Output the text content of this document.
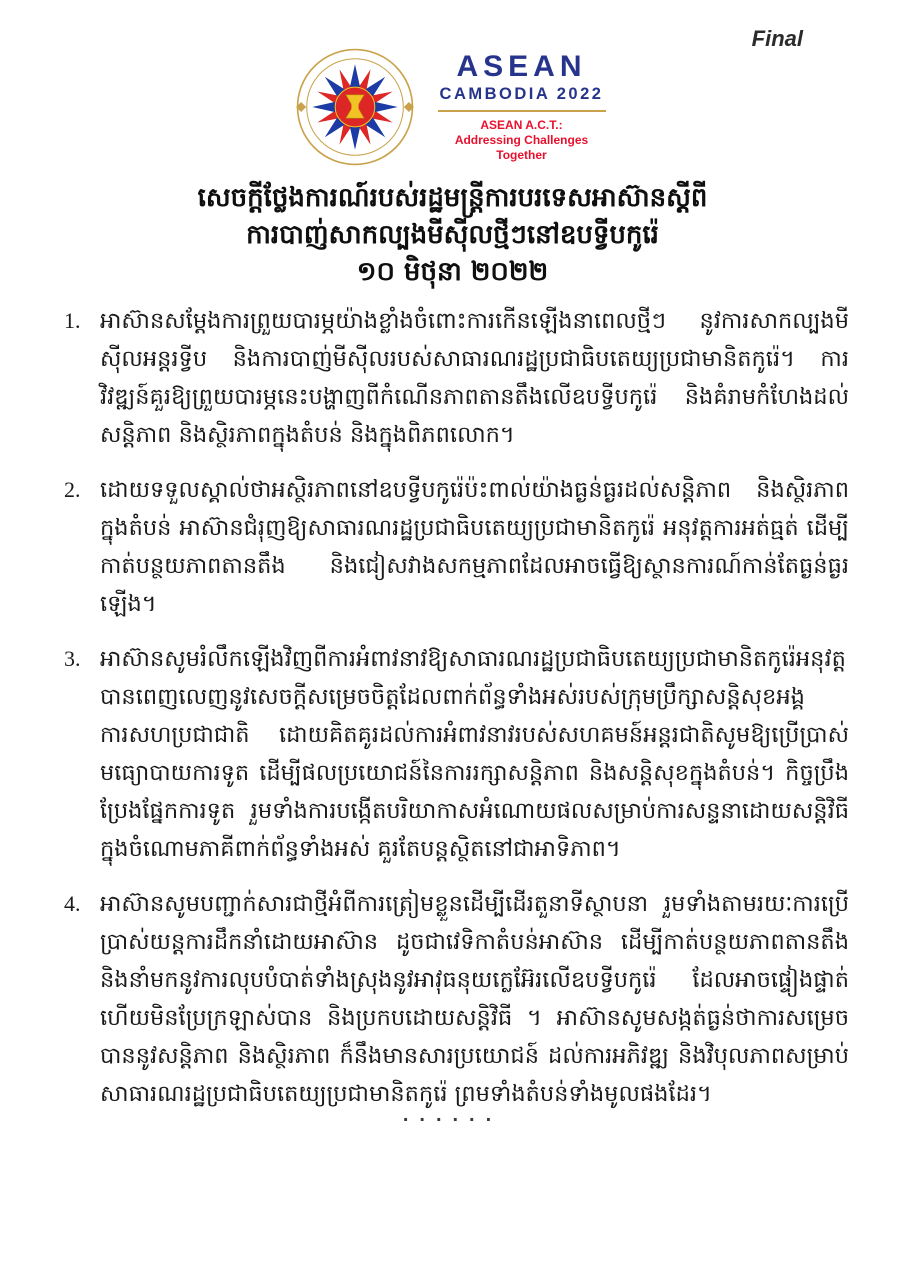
Final
ASEAN
CAMBODIA 2022
ASEAN A.C.T.:
Addressing Challenges Together
សេចក្តីថ្លែងការណ៍របស់រដ្ឋមន្ត្រីការបរទេសអាស៊ានស្តីពី
ការបាញ់សាកល្បងមីស៊ីលថ្មីៗនៅឧបទ្វីបកូរ៉េ
១០ មិថុនា ២០២២
1. អាស៊ានសម្តែងការព្រួយបារម្ភយ៉ាងខ្លាំងចំពោះការកើនឡើងនាពេលថ្មីៗ នូវការសាកល្បងមីស៊ីលអន្តរទ្វីប និងការបាញ់មីស៊ីលរបស់សាធារណរដ្ឋប្រជាធិបតេយ្យប្រជាមានិតកូរ៉េ។ ការវិវឌ្ឍន៍គួរឱ្យព្រួយបារម្ភនេះបង្ហាញពីកំណើនភាពតានតឹងលើឧបទ្វីបកូរ៉េ និងគំរាមកំហែងដល់សន្តិភាព និងស្ថិរភាពក្នុងតំបន់ និងក្នុងពិភពលោក។
2. ដោយទទួលស្គាល់ថាអស្ថិរភាពនៅឧបទ្វីបកូរ៉េប៉ះពាល់យ៉ាងធ្ងន់ធ្ងរដល់សន្តិភាព និងស្ថិរភាពក្នុងតំបន់ អាស៊ានជំរុញឱ្យសាធារណរដ្ឋប្រជាធិបតេយ្យប្រជាមានិតកូរ៉េ អនុវត្តការអត់ធ្មត់ ដើម្បីកាត់បន្ថយភាពតានតឹង និងជៀសវាងសកម្មភាពដែលអាចធ្វើឱ្យស្ថានការណ៍កាន់តែធ្ងន់ធ្ងរឡើង។
3. អាស៊ានសូមរំលឹកឡើងវិញពីការអំពាវនាវឱ្យសាធារណរដ្ឋប្រជាធិបតេយ្យប្រជាមានិតកូរ៉េអនុវត្ត បានពេញលេញនូវសេចក្តីសម្រេចចិត្តដែលពាក់ព័ន្ធទាំងអស់របស់ក្រុមប្រឹក្សាសន្តិសុខអង្គការសហប្រជាជាតិ ដោយគិតគូរដល់ការអំពាវនាវរបស់សហគមន៍អន្តរជាតិសូមឱ្យប្រើប្រាស់មធ្យោបាយការទូត ដើម្បីផលប្រយោជន៍នៃការរក្សាសន្តិភាព និងសន្តិសុខក្នុងតំបន់។ កិច្ចប្រឹងប្រែងផ្នែកការទូត រួមទាំងការបង្កើតបរិយាកាសអំណោយផលសម្រាប់ការសន្ទនាដោយសន្តិវិធីក្នុងចំណោមភាគីពាក់ព័ន្ធទាំងអស់ គួរតែបន្តស្ថិតនៅជាអាទិភាព។
4. អាស៊ានសូមបញ្ជាក់សារជាថ្មីអំពីការត្រៀមខ្លួនដើម្បីដើរតួនាទីស្ថាបនា រួមទាំងតាមរយៈការប្រើប្រាស់យន្តការដឹកនាំដោយអាស៊ាន ដូចជាវេទិកាតំបន់អាស៊ាន ដើម្បីកាត់បន្ថយភាពតានតឹង និងនាំមកនូវការលុបបំបាត់ទាំងស្រុងនូវអាវុធនុយក្លេអ៊ែរលើឧបទ្វីបកូរ៉េ ដែលអាចផ្ទៀងផ្ទាត់ ហើយមិនប្រែក្រឡាស់បាន និងប្រកបដោយសន្តិវិធី ។ អាស៊ានសូមសង្កត់ធ្ងន់ថាការសម្រេចបាននូវសន្តិភាព និងស្ថិរភាព ក៏នឹងមានសារប្រយោជន៍ ដល់ការអភិវឌ្ឍ និងវិបុលភាពសម្រាប់សាធារណរដ្ឋប្រជាធិបតេយ្យប្រជាមានិតកូរ៉េ ព្រមទាំងតំបន់ទាំងមូលផងដែរ។
......
